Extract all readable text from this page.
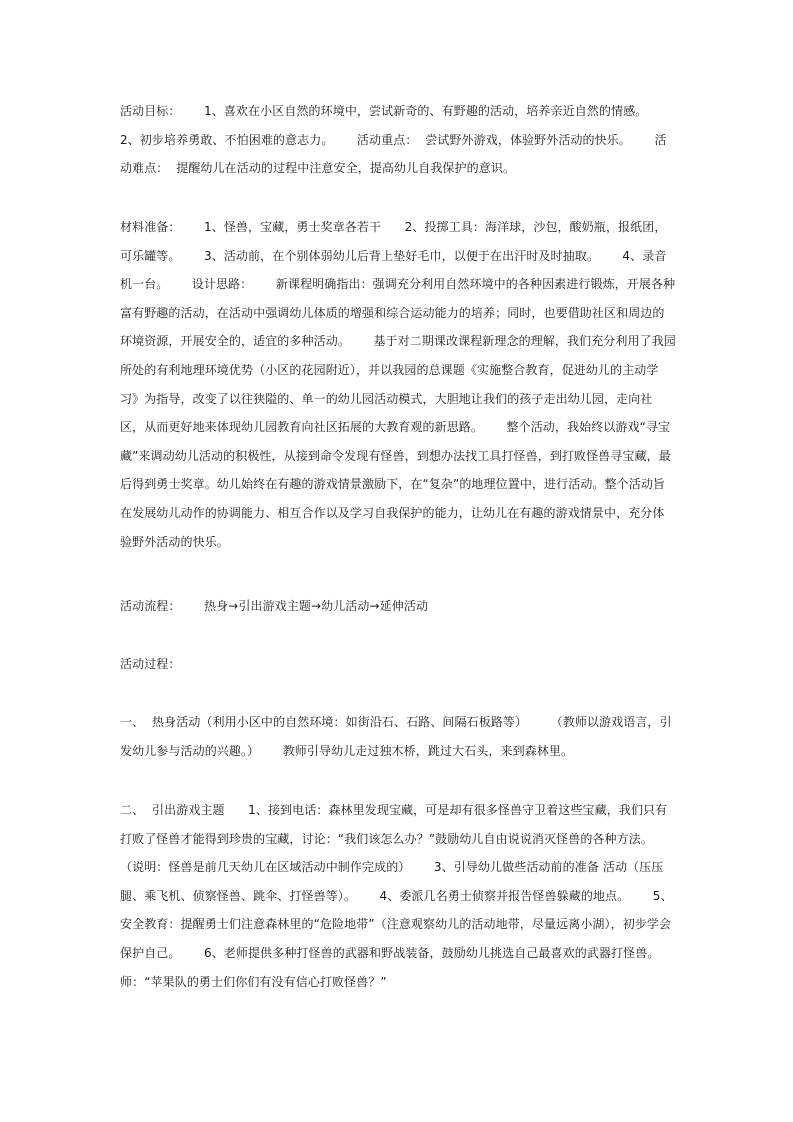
活动目标：      1、喜欢在小区自然的环境中，尝试新奇的、有野趣的活动，培养亲近自然的情感。      2、初步培养勇敢、不怕困难的意志力。      活动重点：  尝试野外游戏，体验野外活动的快乐。      活动难点：  提醒幼儿在活动的过程中注意安全，提高幼儿自我保护的意识。

材料准备：      1、怪兽，宝藏，勇士奖章各若干      2、投掷工具：海洋球，沙包，酸奶瓶，报纸团，可乐罐等。      3、活动前，在个别体弱幼儿后背上垫好毛巾，以便于在出汗时及时抽取。      4、录音机一台。      设计思路：      新课程明确指出：强调充分利用自然环境中的各种因素进行锻炼，开展各种富有野趣的活动，在活动中强调幼儿体质的增强和综合运动能力的培养；同时，也要借助社区和周边的环境资源，开展安全的，适宜的多种活动。      基于对二期课改课程新理念的理解，我们充分利用了我园所处的有利地理环境优势（小区的花园附近），并以我园的总课题《实施整合教育，促进幼儿的主动学习》为指导，改变了以往狭隘的、单一的幼儿园活动模式，大胆地让我们的孩子走出幼儿园，走向社区，从而更好地来体现幼儿园教育向社区拓展的大教育观的新思路。      整个活动，我始终以游戏“寻宝藏”来调动幼儿活动的积极性，从接到命令发现有怪兽，到想办法找工具打怪兽，到打败怪兽寻宝藏，最后得到勇士奖章。幼儿始终在有趣的游戏情景激励下，在“复杂”的地理位置中，进行活动。整个活动旨在发展幼儿动作的协调能力、相互合作以及学习自我保护的能力，让幼儿在有趣的游戏情景中，充分体验野外活动的快乐。

活动流程：      热身→引出游戏主题→幼儿活动→延伸活动

活动过程：

一、  热身活动（利用小区中的自然环境：如街沿石、石路、间隔石板路等）      （教师以游戏语言，引发幼儿参与活动的兴趣。）      教师引导幼儿走过独木桥，跳过大石头，来到森林里。

二、  引出游戏主题      1、接到电话：森林里发现宝藏，可是却有很多怪兽守卫着这些宝藏，我们只有打败了怪兽才能得到珍贵的宝藏，讨论：“我们该怎么办？”鼓励幼儿自由说说消灭怪兽的各种方法。      （说明：怪兽是前几天幼儿在区域活动中制作完成的）      3、引导幼儿做些活动前的准备 活动（压压腿、乘飞机、侦察怪兽、跳伞、打怪兽等）。      4、委派几名勇士侦察并报告怪兽躲藏的地点。      5、安全教育：提醒勇士们注意森林里的“危险地带”（注意观察幼儿的活动地带，尽量远离小湖），初步学会保护自己。      6、老师提供多种打怪兽的武器和野战装备，鼓励幼儿挑选自己最喜欢的武器打怪兽。      师：“苹果队的勇士们你们有没有信心打败怪兽？”
